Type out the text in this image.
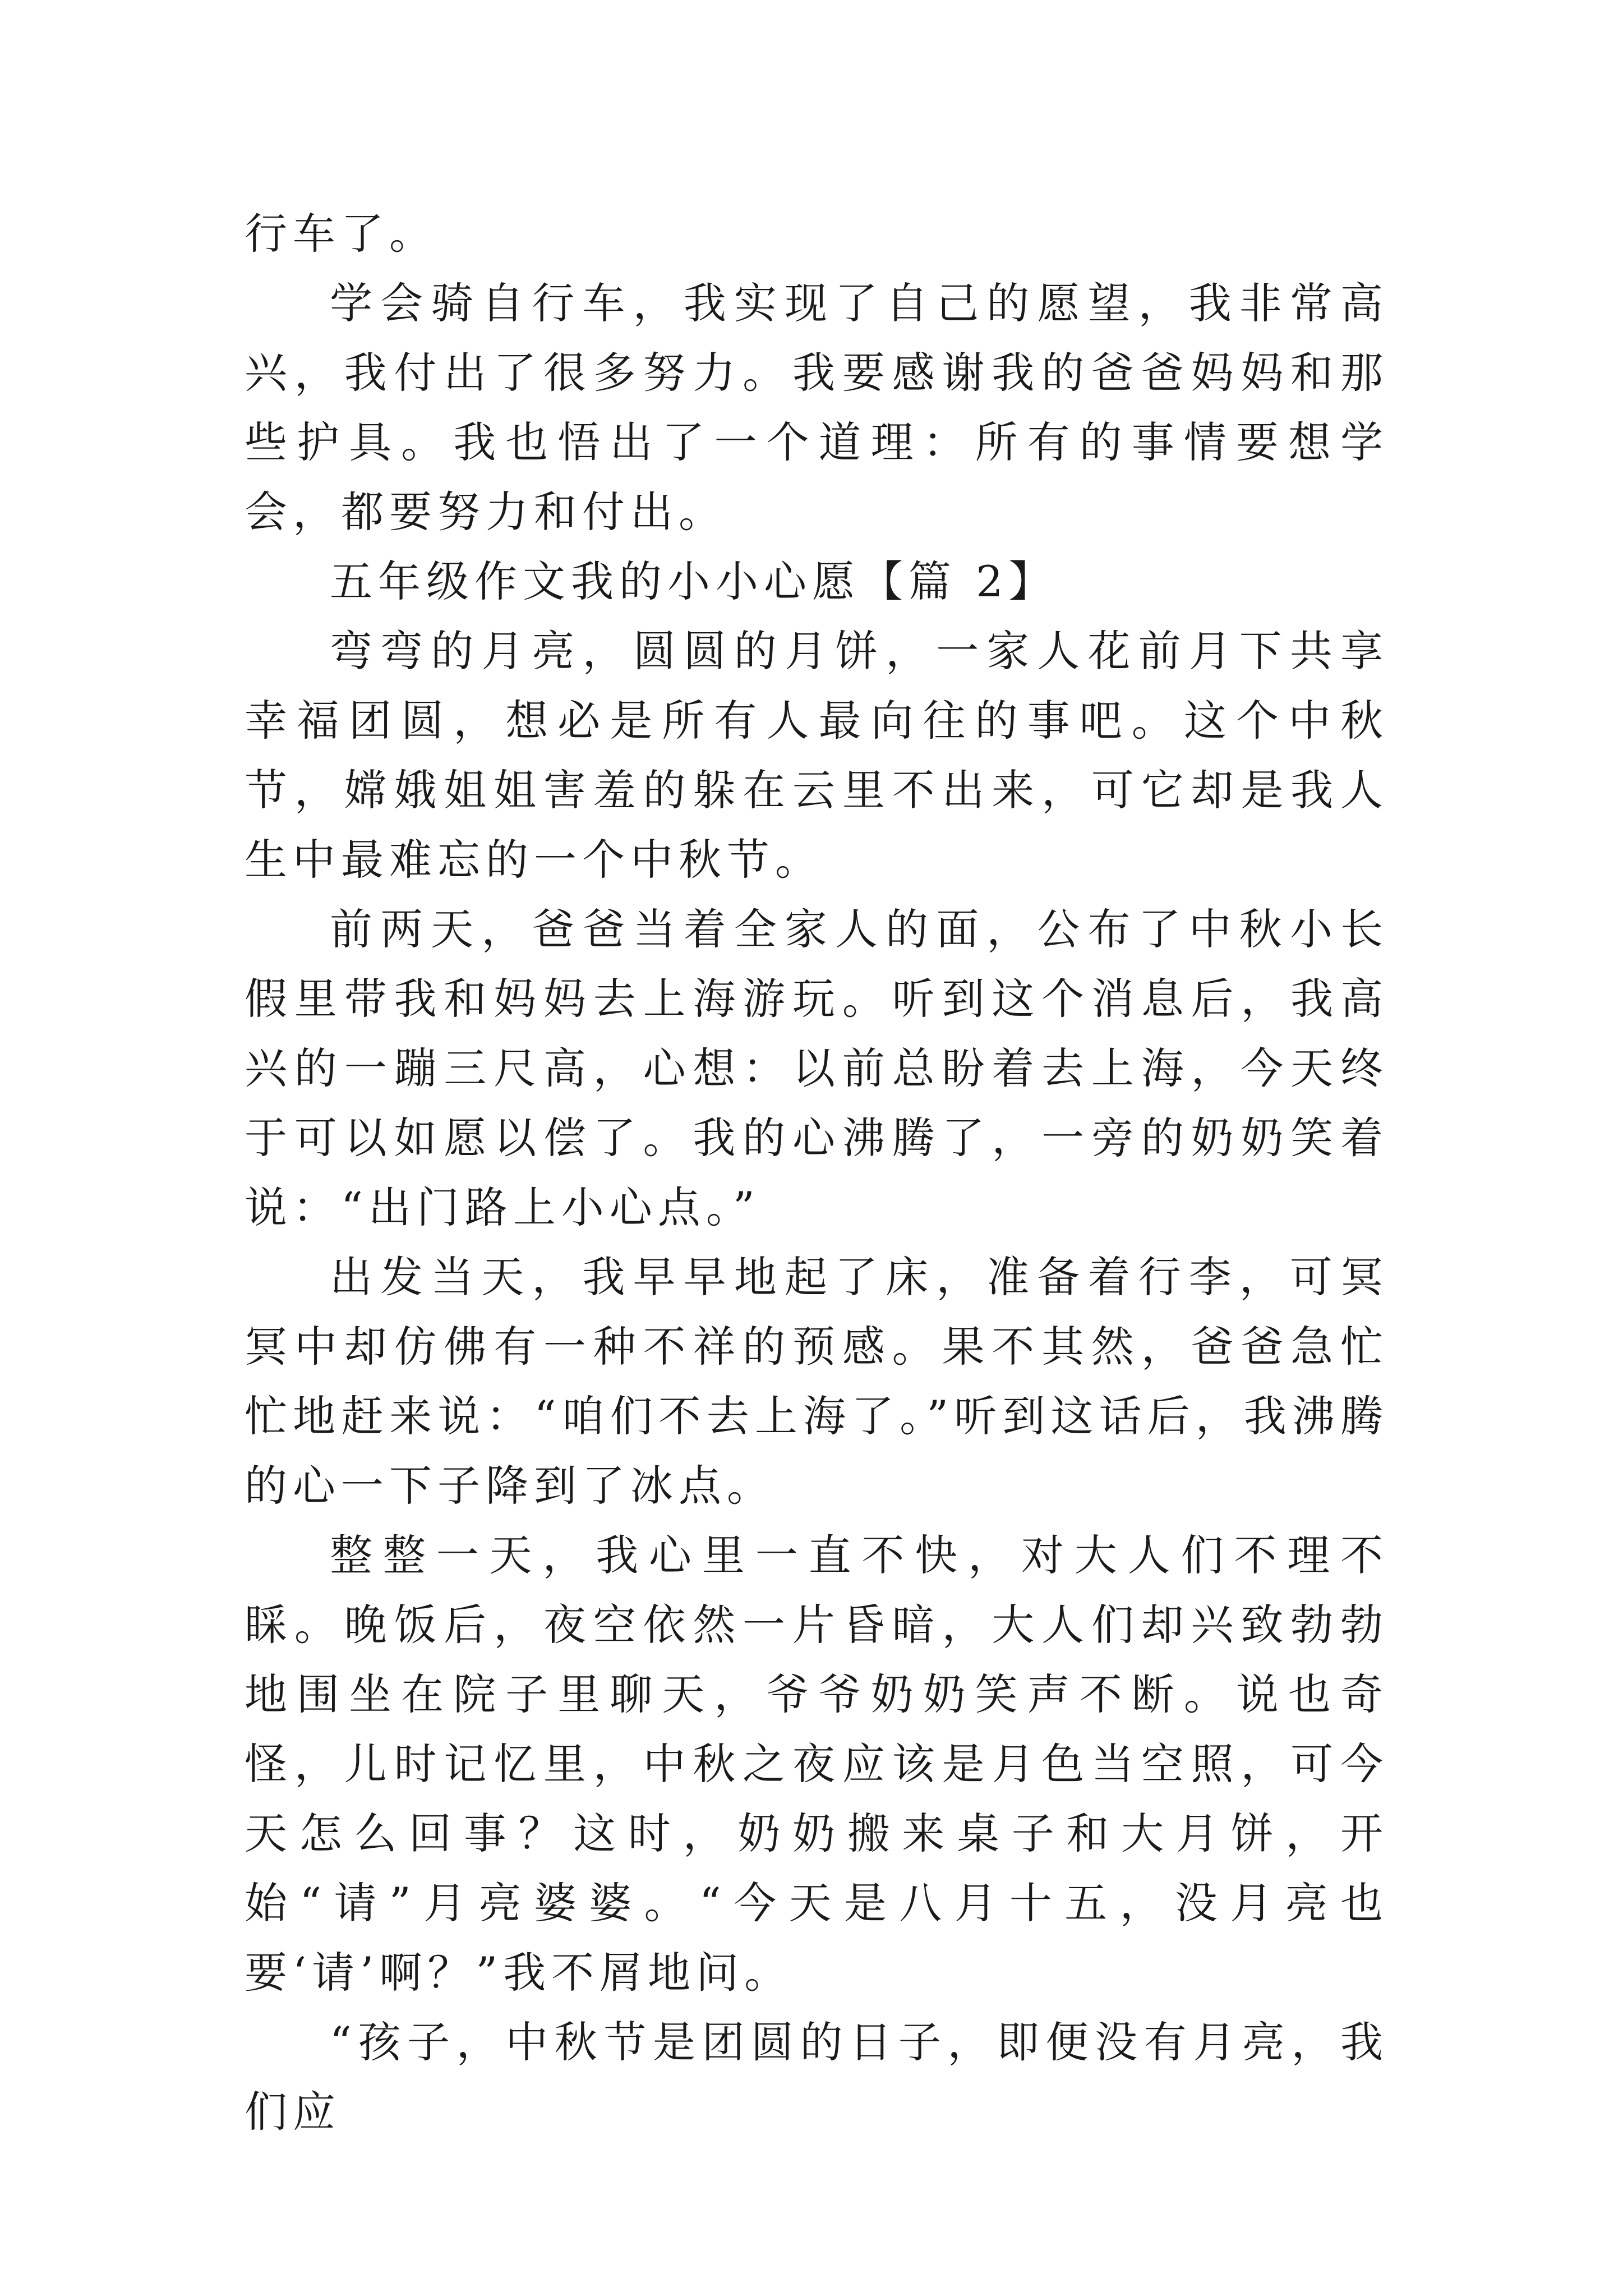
行车了。

学会骑自行车，我实现了自己的愿望，我非常高兴，我付出了很多努力。我要感谢我的爸爸妈妈和那些护具。我也悟出了一个道理：所有的事情要想学会，都要努力和付出。

五年级作文我的小小心愿【篇 2】

弯弯的月亮，圆圆的月饼，一家人花前月下共享幸福团圆，想必是所有人最向往的事吧。这个中秋节，嫦娥姐姐害羞的躲在云里不出来，可它却是我人生中最难忘的一个中秋节。

前两天，爸爸当着全家人的面，公布了中秋小长假里带我和妈妈去上海游玩。听到这个消息后，我高兴的一蹦三尺高，心想：以前总盼着去上海，今天终于可以如愿以偿了。我的心沸腾了，一旁的奶奶笑着说：“出门路上小心点。”

出发当天，我早早地起了床，准备着行李，可冥冥中却仿佛有一种不祥的预感。果不其然，爸爸急忙忙地赶来说：“咱们不去上海了。”听到这话后，我沸腾的心一下子降到了冰点。

整整一天，我心里一直不快，对大人们不理不睬。晚饭后，夜空依然一片昏暗，大人们却兴致勃勃地围坐在院子里聊天，爷爷奶奶笑声不断。说也奇怪，儿时记忆里，中秋之夜应该是月色当空照，可今天怎么回事？这时，奶奶搬来桌子和大月饼，开始“请”月亮婆婆。“今天是八月十五，没月亮也要‘请’啊？”我不屑地问。

“孩子，中秋节是团圆的日子，即便没有月亮，我们应
